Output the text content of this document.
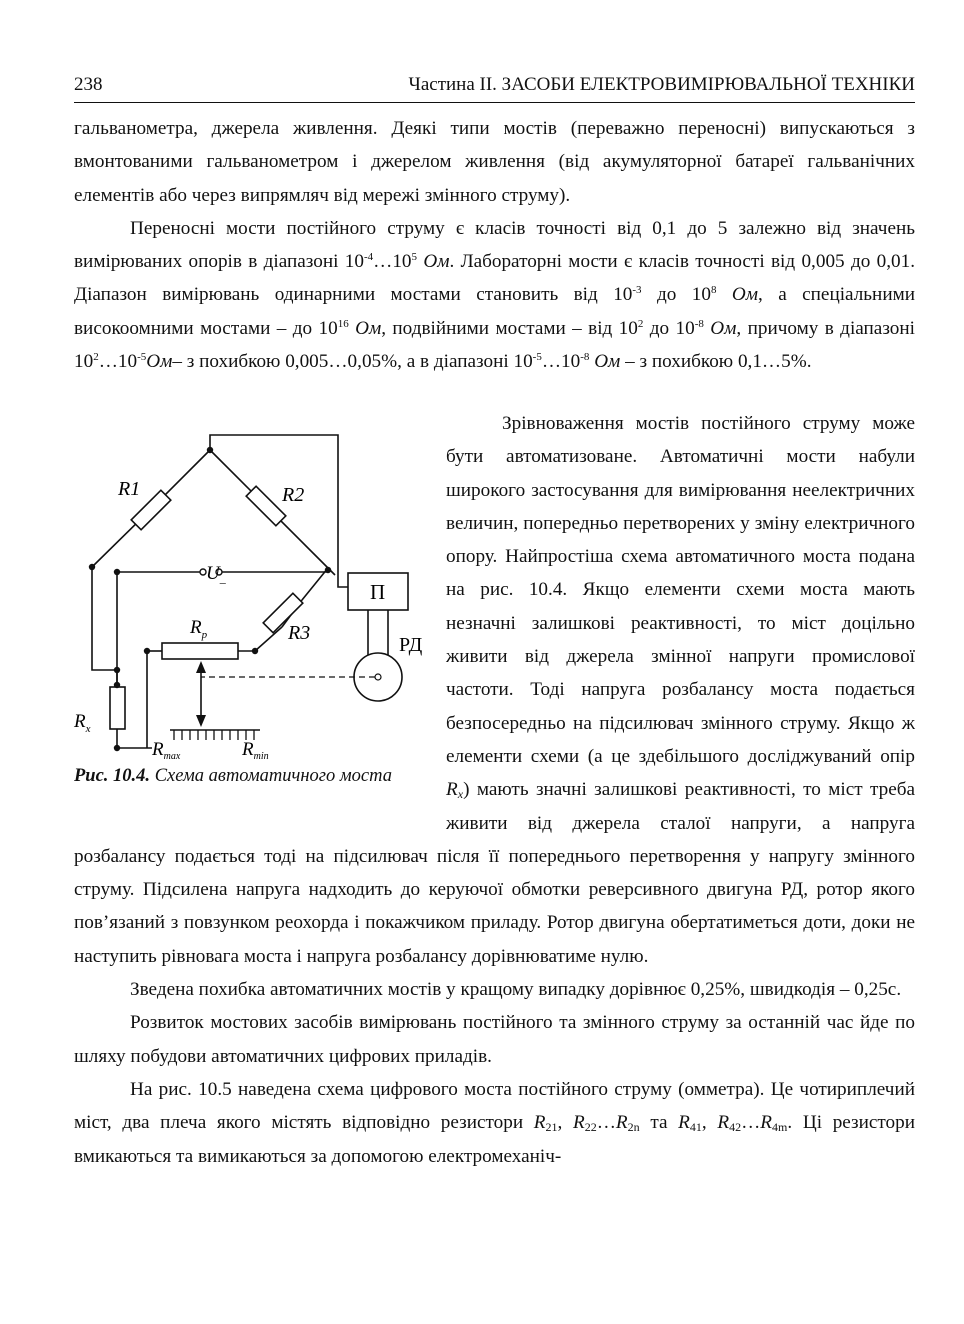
238	Частина II. ЗАСОБИ ЕЛЕКТРОВИМІРЮВАЛЬНОЇ ТЕХНІКИ

гальванометра, джерела живлення. Деякі типи мостів (переважно переносні) випускаються з вмонтованими гальванометром і джерелом живлення (від акумуляторної батареї гальванічних елементів або через випрямляч від мережі змінного струму).

Переносні мости постійного струму є класів точності від 0,1 до 5 залежно від значень вимірюваних опорів в діапазоні $10^{-4}\dots 10^5$ Ом. Лабораторні мости є класів точності від 0,005 до 0,01. Діапазон вимірювань одинарними мостами становить від $10^{-3}$ до $10^8$ Ом, а спеціальними високоомними мостами – до $10^{16}$ Ом, подвійними мостами – від $10^2$ до $10^{-8}$ Ом, причому в діапазоні $10^2\dots 10^{-5}Ом-$ з похибкою 0,005…0,05%, а в діапазоні $10^{-5}\dots 10^{-8}$ Ом – з похибкою 0,1…5%.

R1	R2
R3
U_
$R_p$
$R_x$
$R_{max}$	$R_{min}$
П
РД
Рис. 10.4. Схема автоматичного моста

Зрівноваження мостів постійного струму може бути автоматизоване. Автоматичні мости набули широкого застосування для вимірювання неелектричних величин, попередньо перетворених у зміну електричного опору. Найпростіша схема автоматичного моста подана на рис. 10.4. Якщо елементи схеми моста мають незначні залишкові реактивності, то міст доцільно живити від джерела змінної напруги промислової частоти. Тоді напруга розбалансу моста подається безпосередньо на підсилювач змінного струму. Якщо ж елементи схеми (а це здебільшого досліджуваний опір $R_x$) мають значні залишкові реактивності, то міст треба живити від джерела сталої напруги, а напруга розбалансу подається тоді на підсилювач після її попереднього перетворення у напругу змінного струму. Підсилена напруга надходить до керуючої обмотки реверсивного двигуна РД, ротор якого пов’язаний з повзунком реохорда і покажчиком приладу. Ротор двигуна обертатиметься доти, доки не наступить рівновага моста і напруга розбалансу дорівнюватиме нулю.

Зведена похибка автоматичних мостів у кращому випадку дорівнює 0,25%, швидкодія – 0,25с.

Розвиток мостових засобів вимірювань постійного та змінного струму за останній час йде по шляху побудови автоматичних цифрових приладів.

На рис. 10.5 наведена схема цифрового моста постійного струму (омметра). Це чотириплечий міст, два плеча якого містять відповідно резистори $R_{21}$, $R_{22}\dots R_{2n}$ та $R_{41}$, $R_{42}\dots R_{4m}$. Ці резистори вмикаються та вимикаються за допомогою електромеханіч-
